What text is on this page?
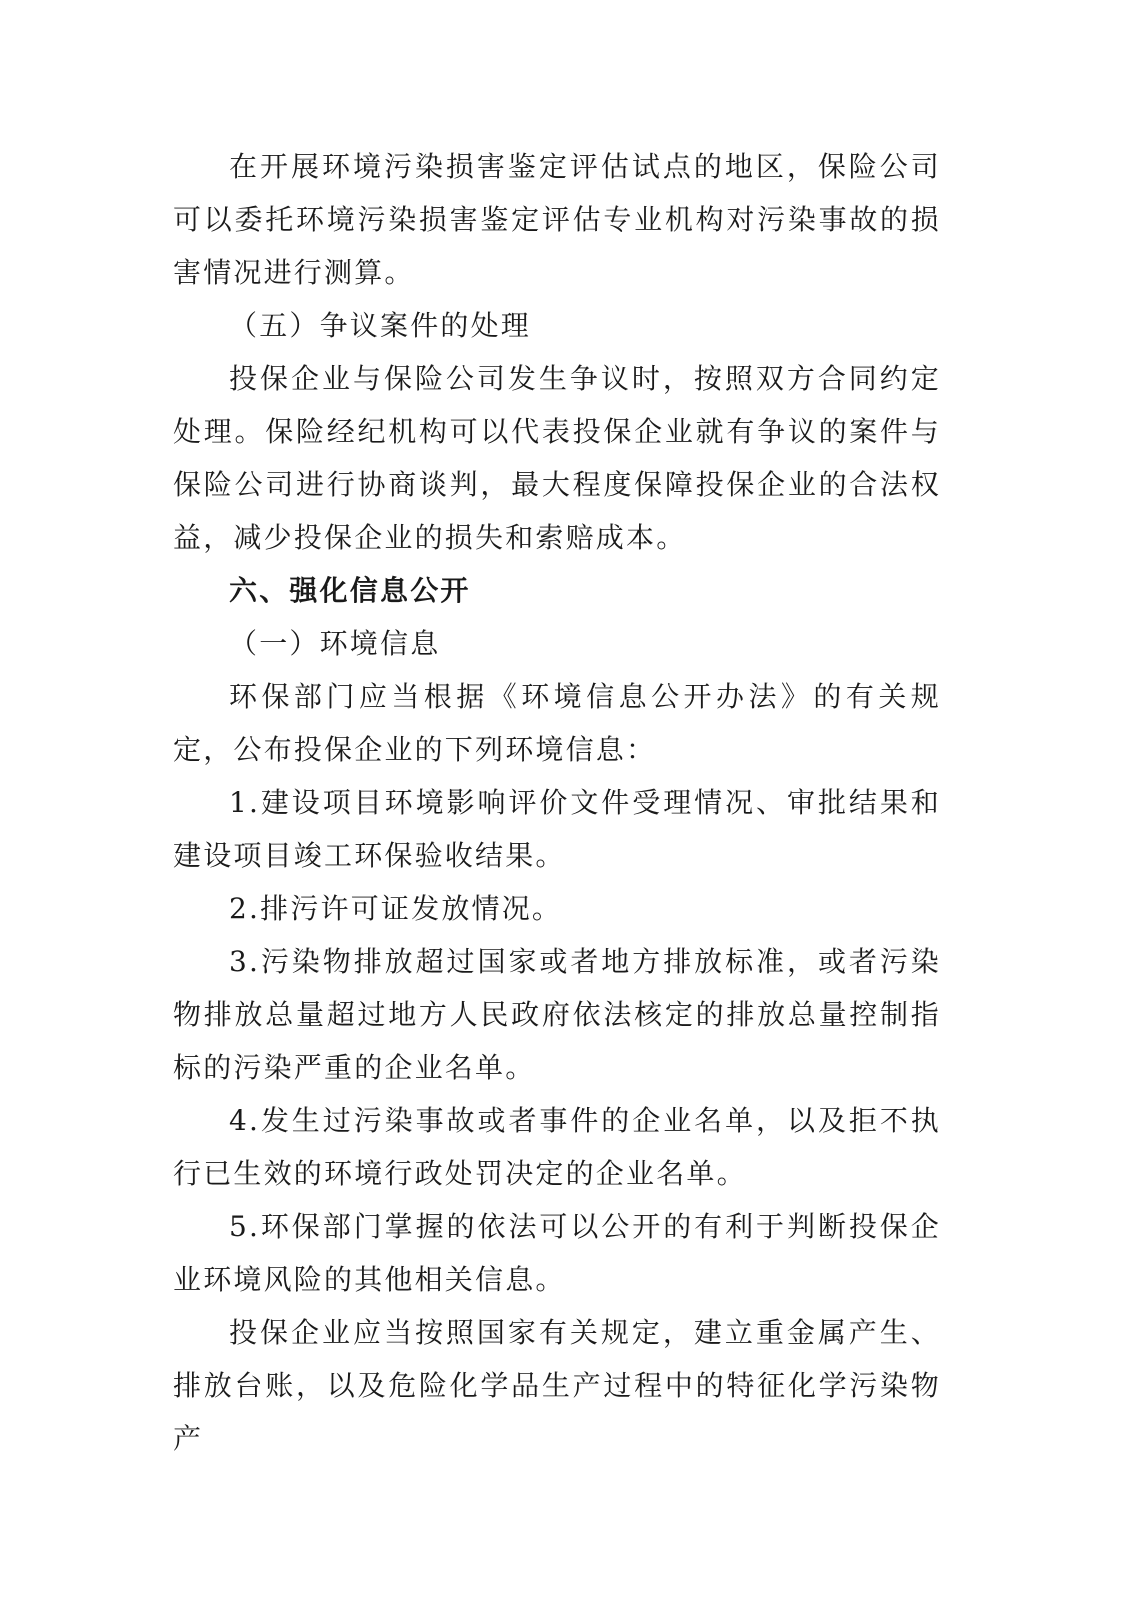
在开展环境污染损害鉴定评估试点的地区，保险公司可以委托环境污染损害鉴定评估专业机构对污染事故的损害情况进行测算。

（五）争议案件的处理

投保企业与保险公司发生争议时，按照双方合同约定处理。保险经纪机构可以代表投保企业就有争议的案件与保险公司进行协商谈判，最大程度保障投保企业的合法权益，减少投保企业的损失和索赔成本。

六、强化信息公开

（一）环境信息

环保部门应当根据《环境信息公开办法》的有关规定，公布投保企业的下列环境信息：

1.建设项目环境影响评价文件受理情况、审批结果和建设项目竣工环保验收结果。

2.排污许可证发放情况。

3.污染物排放超过国家或者地方排放标准，或者污染物排放总量超过地方人民政府依法核定的排放总量控制指标的污染严重的企业名单。

4.发生过污染事故或者事件的企业名单，以及拒不执行已生效的环境行政处罚决定的企业名单。

5.环保部门掌握的依法可以公开的有利于判断投保企业环境风险的其他相关信息。

投保企业应当按照国家有关规定，建立重金属产生、排放台账，以及危险化学品生产过程中的特征化学污染物产
